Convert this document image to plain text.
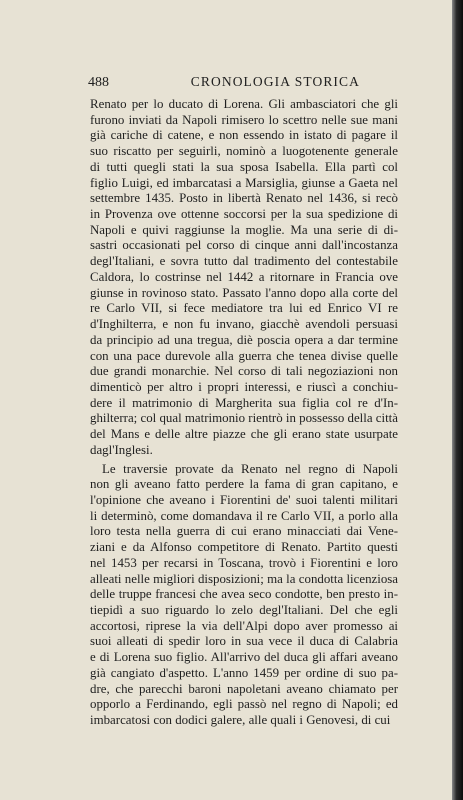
488	CRONOLOGIA STORICA
Renato per lo ducato di Lorena. Gli ambasciatori che gli
furono inviati da Napoli rimisero lo scettro nelle sue mani
già cariche di catene, e non essendo in istato di pagare il
suo riscatto per seguirli, nominò a luogotenente generale
di tutti quegli stati la sua sposa Isabella. Ella partì col
figlio Luigi, ed imbarcatasi a Marsiglia, giunse a Gaeta nel
settembre 1435. Posto in libertà Renato nel 1436, si recò
in Provenza ove ottenne soccorsi per la sua spedizione di
Napoli e quivi raggiunse la moglie. Ma una serie di di-
sastri occasionati pel corso di cinque anni dall'incostanza
degl'Italiani, e sovra tutto dal tradimento del contestabile
Caldora, lo costrinse nel 1442 a ritornare in Francia ove
giunse in rovinoso stato. Passato l'anno dopo alla corte del
re Carlo VII, si fece mediatore tra lui ed Enrico VI re
d'Inghilterra, e non fu invano, giacchè avendoli persuasi
da principio ad una tregua, diè poscia opera a dar termine
con una pace durevole alla guerra che tenea divise quelle
due grandi monarchie. Nel corso di tali negoziazioni non
dimenticò per altro i propri interessi, e riuscì a conchiu-
dere il matrimonio di Margherita sua figlia col re d'In-
ghilterra; col qual matrimonio rientrò in possesso della città
del Mans e delle altre piazze che gli erano state usurpate
dagl'Inglesi.
Le traversie provate da Renato nel regno di Napoli
non gli aveano fatto perdere la fama di gran capitano, e
l'opinione che aveano i Fiorentini de' suoi talenti militari
li determinò, come domandava il re Carlo VII, a porlo alla
loro testa nella guerra di cui erano minacciati dai Vene-
ziani e da Alfonso competitore di Renato. Partito questi
nel 1453 per recarsi in Toscana, trovò i Fiorentini e loro
alleati nelle migliori disposizioni; ma la condotta licenziosa
delle truppe francesi che avea seco condotte, ben presto in-
tiepidì a suo riguardo lo zelo degl'Italiani. Del che egli
accortosi, riprese la via dell'Alpi dopo aver promesso ai
suoi alleati di spedir loro in sua vece il duca di Calabria
e di Lorena suo figlio. All'arrivo del duca gli affari aveano
già cangiato d'aspetto. L'anno 1459 per ordine di suo pa-
dre, che parecchi baroni napoletani aveano chiamato per
opporlo a Ferdinando, egli passò nel regno di Napoli; ed
imbarcatosi con dodici galere, alle quali i Genovesi, di cui
